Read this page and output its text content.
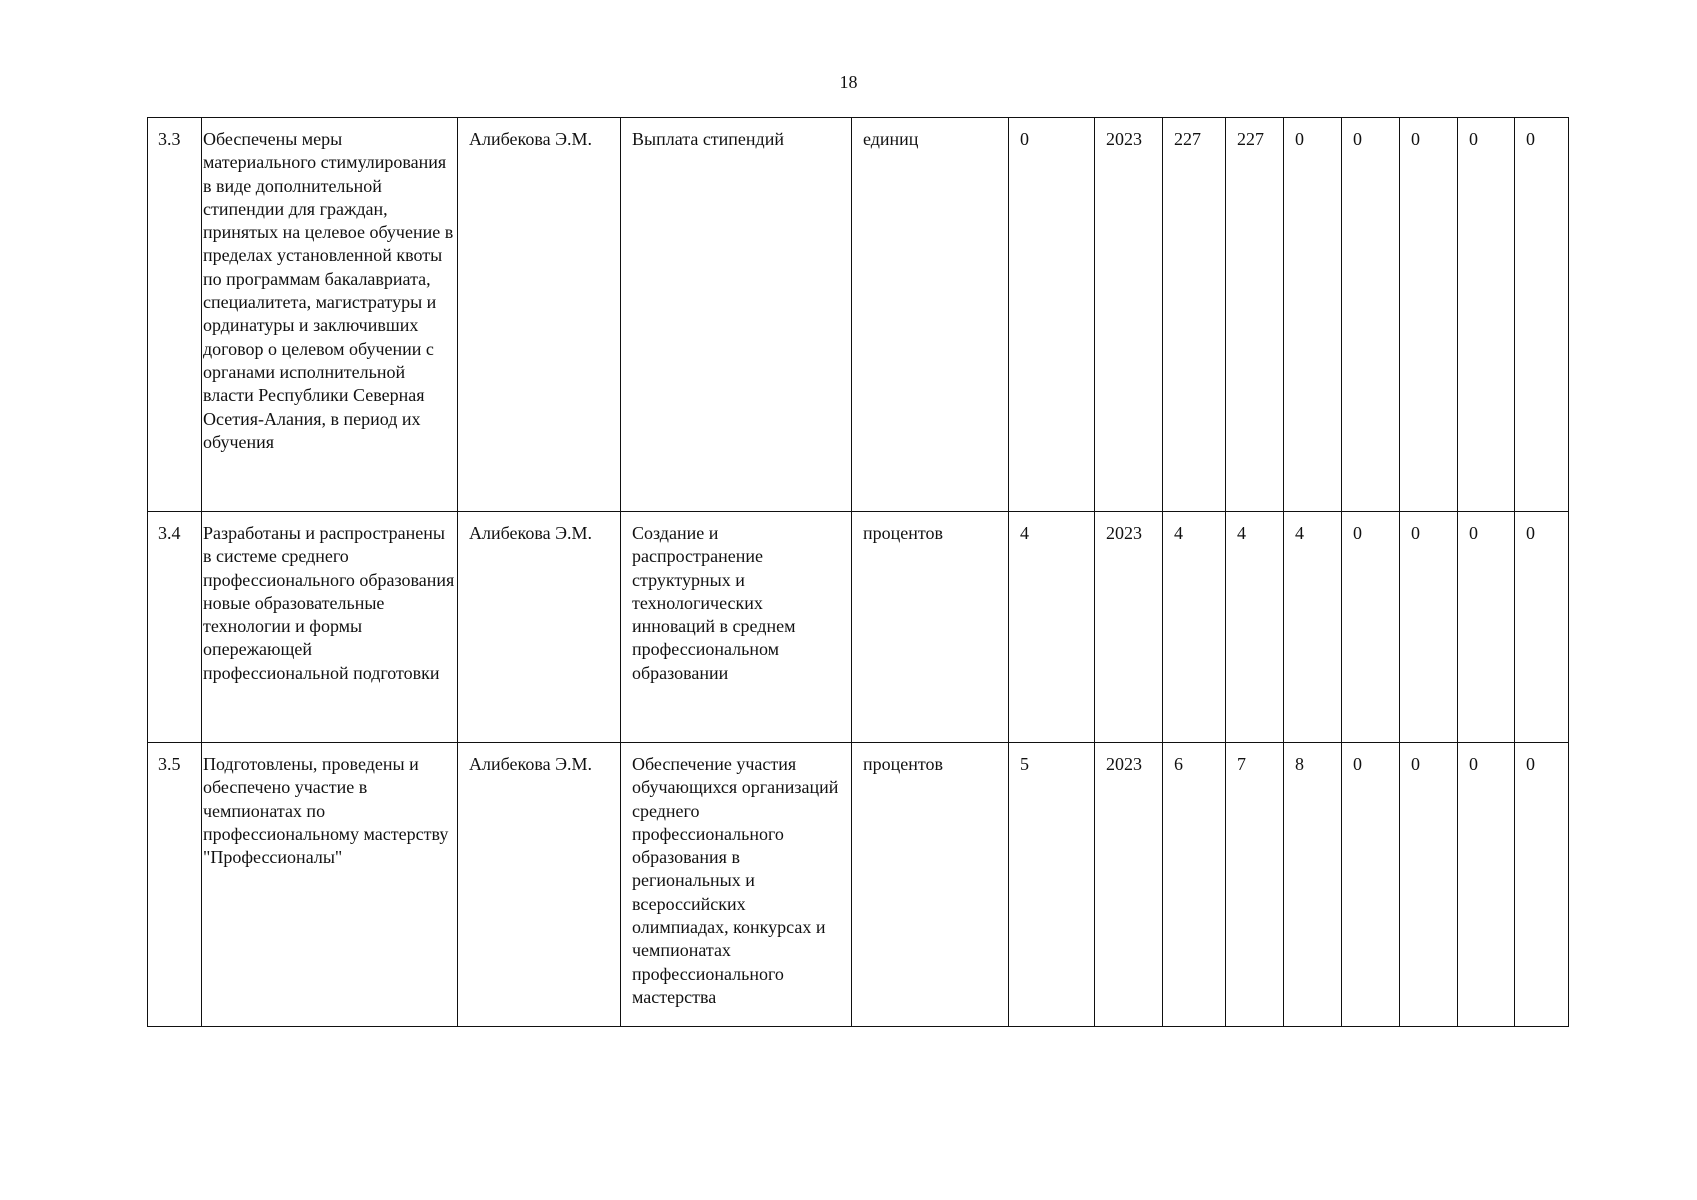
18
3.3	Обеспечены меры материального стимулирования в виде дополнительной стипендии для граждан, принятых на целевое обучение в пределах установленной квоты по программам бакалавриата, специалитета, магистратуры и ординатуры и заключивших договор о целевом обучении с органами исполнительной власти Республики Северная Осетия-Алания, в период их обучения	Алибекова Э.М.	Выплата стипендий	единиц	0	2023	227	227	0	0	0	0	0
3.4	Разработаны и распространены в системе среднего профессионального образования новые образовательные технологии и формы опережающей профессиональной подготовки	Алибекова Э.М.	Создание и распространение структурных и технологических инноваций в среднем профессиональном образовании	процентов	4	2023	4	4	4	0	0	0	0
3.5	Подготовлены, проведены и обеспечено участие в чемпионатах по профессиональному мастерству "Профессионалы"	Алибекова Э.М.	Обеспечение участия обучающихся организаций среднего профессионального образования в региональных и всероссийских олимпиадах, конкурсах и чемпионатах профессионального мастерства	процентов	5	2023	6	7	8	0	0	0	0
